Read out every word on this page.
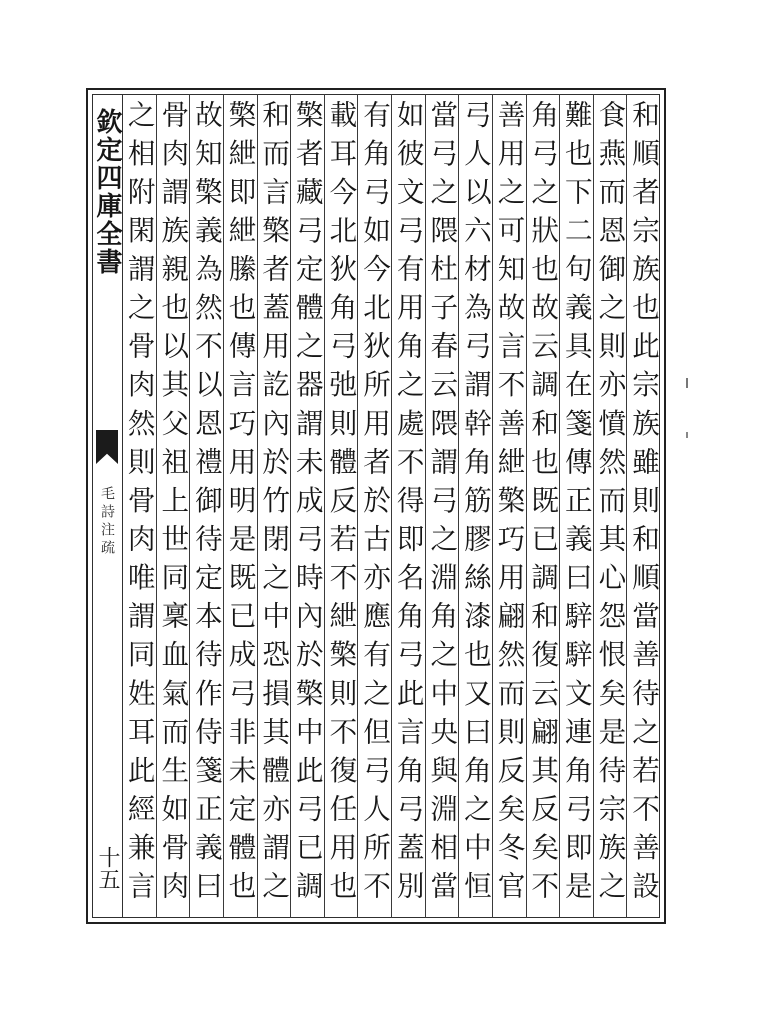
欽定四庫全書
毛詩注疏
十五	和順者宗族也此宗族雖則和順當善待之若不善設
食燕而恩御之則亦憤然而其心怨恨矣是待宗族之
難也下二句義具在箋傳正義曰騂騂文連角弓即是
角弓之狀也故云調和也既已調和復云翩其反矣不
善用之可知故言不善紲檠巧用翩然而則反矣冬官
弓人以六材為弓謂幹角筋膠絲漆也又曰角之中恒
當弓之隈杜子春云隈謂弓之淵角之中央與淵相當
如彼文弓有用角之處不得即名角弓此言角弓蓋別
有角弓如今北狄所用者於古亦應有之但弓人所不
載耳今北狄角弓弛則體反若不紲檠則不復任用也
檠者藏弓定體之器謂未成弓時內於檠中此弓已調
和而言檠者蓋用訖內於竹閉之中恐損其體亦謂之
檠紲即紲縢也傳言巧用明是既已成弓非未定體也
故知檠義為然不以恩禮御待定本待作侍箋正義曰
骨肉謂族親也以其父祖上世同稟血氣而生如骨肉
之相附閑謂之骨肉然則骨肉唯謂同姓耳此經兼言
